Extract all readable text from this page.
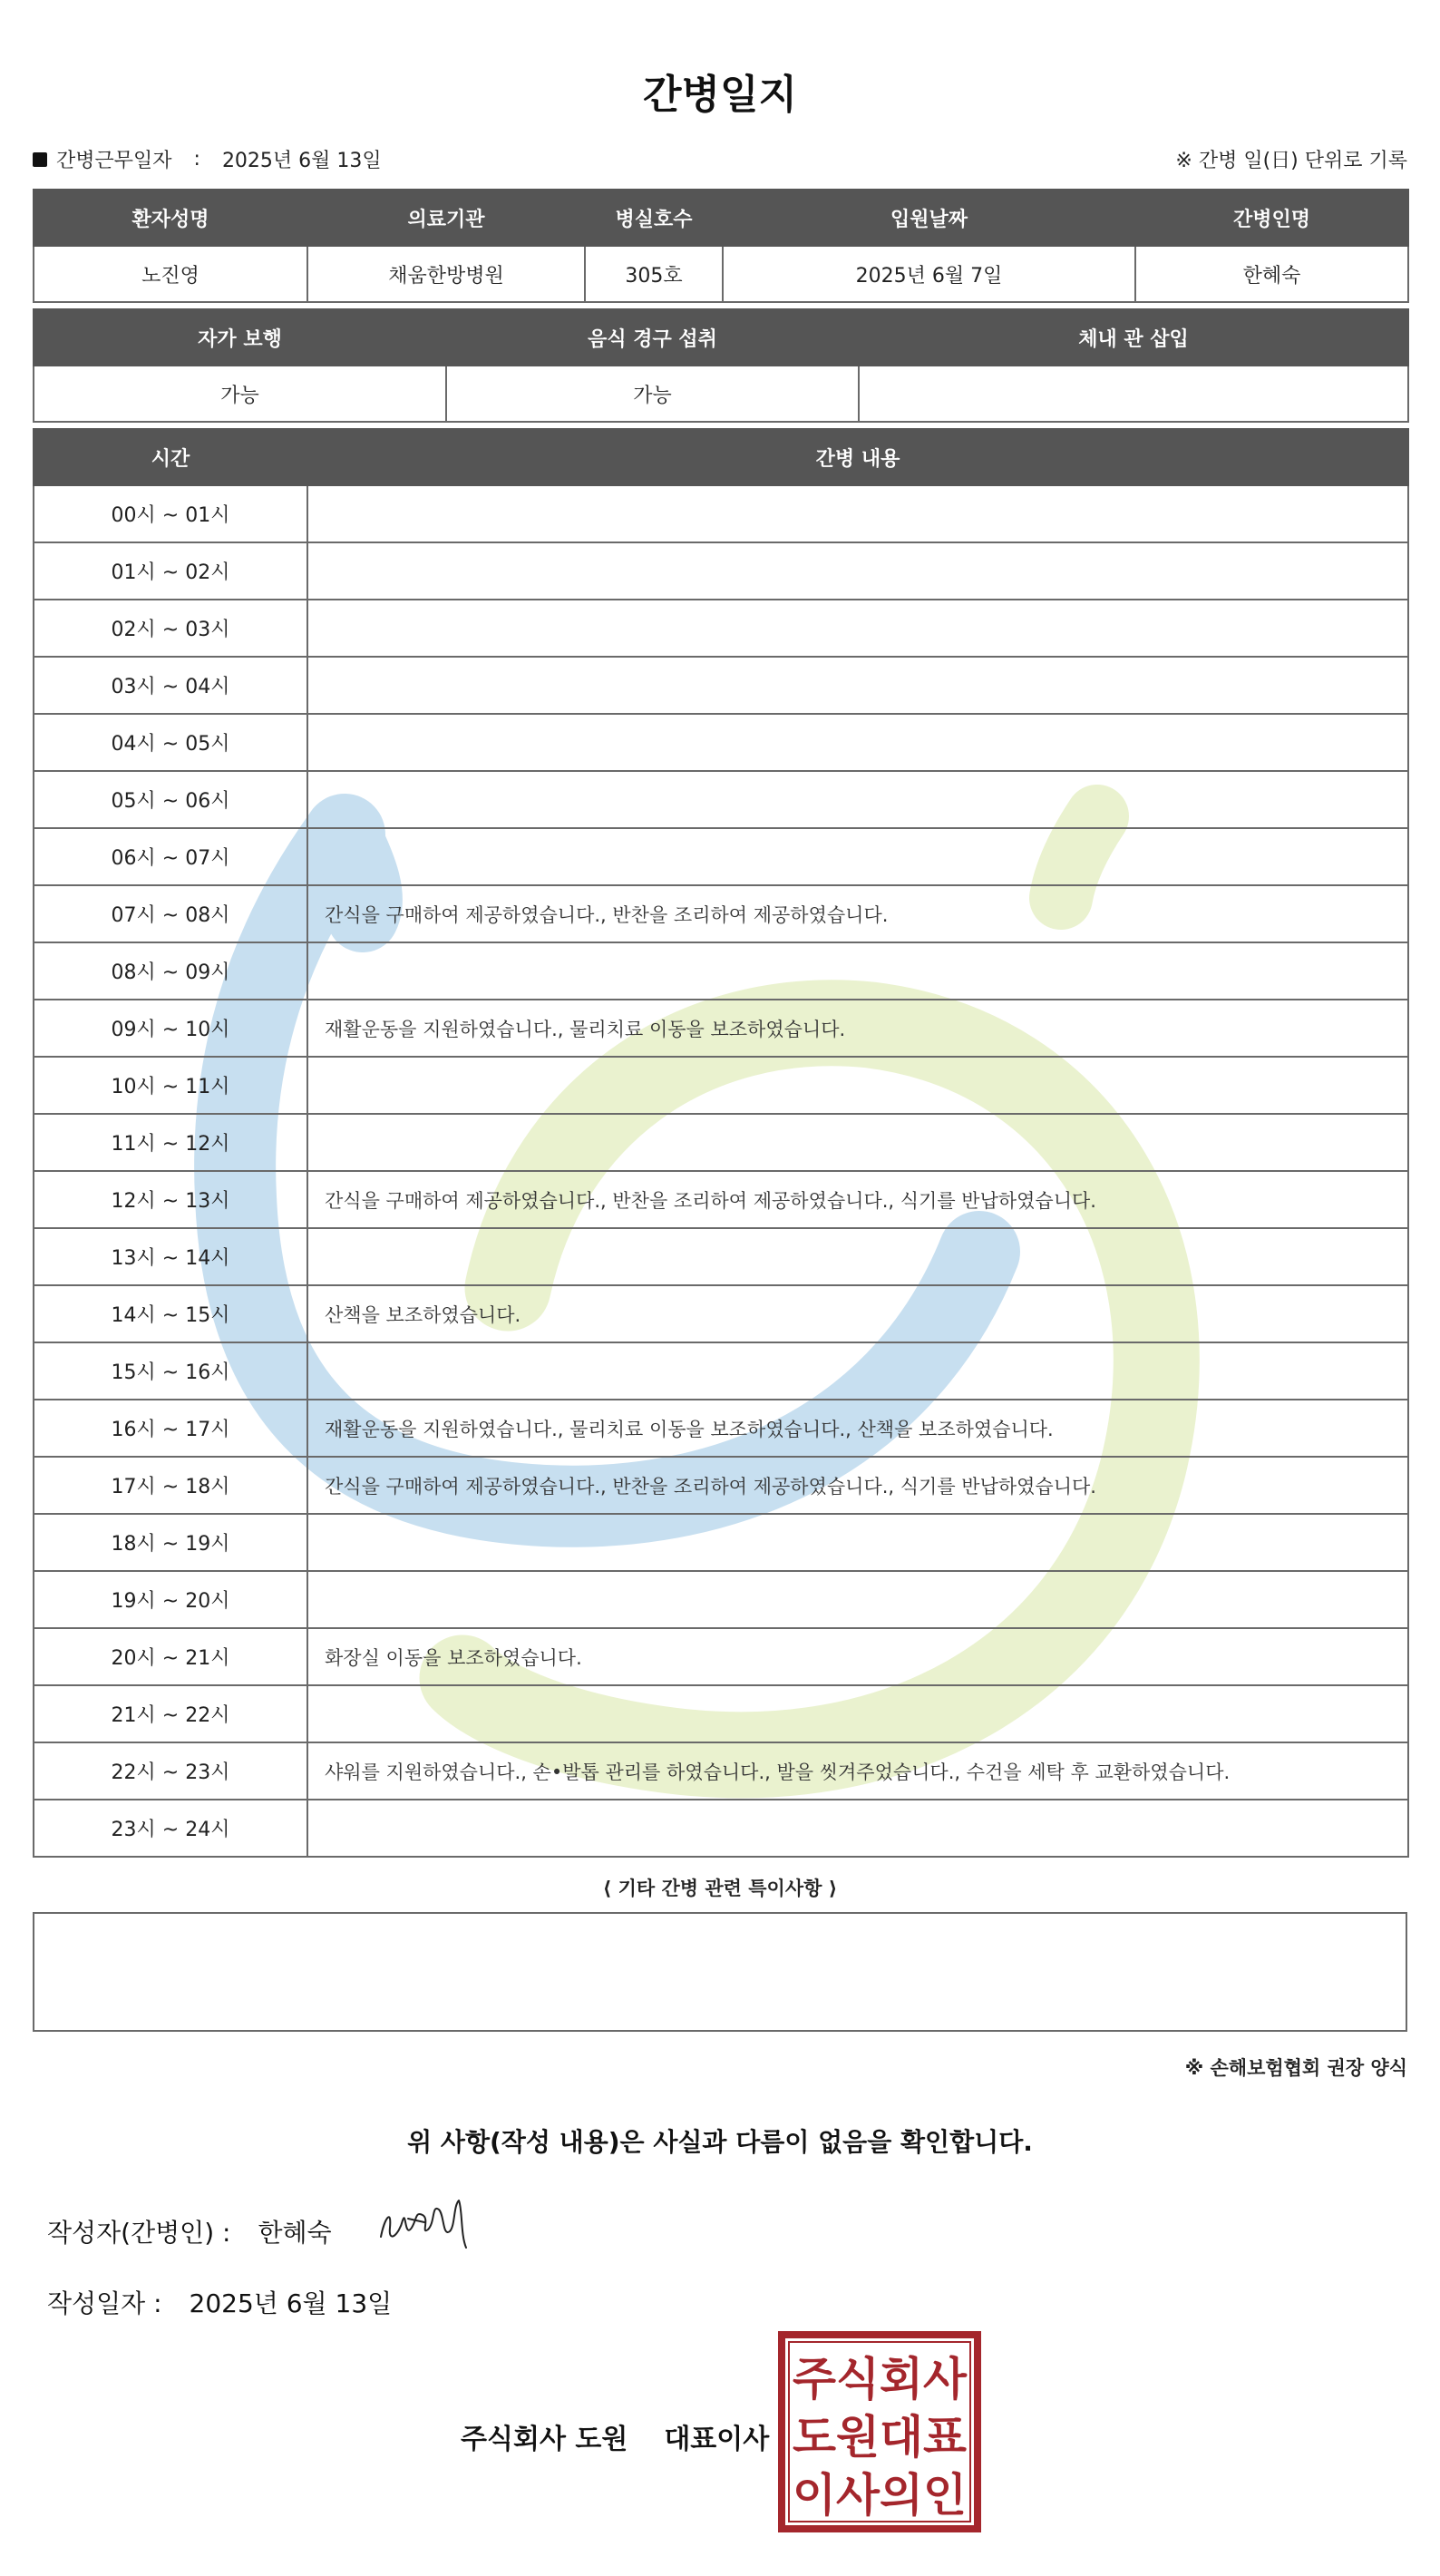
간병일지
간병근무일자 : 2025년 6월 13일	※ 간병 일(日) 단위로 기록
환자성명	의료기관	병실호수	입원날짜	간병인명
노진영	채움한방병원	305호	2025년 6월 7일	한혜숙
자가 보행	음식 경구 섭취	체내 관 삽입
가능	가능	
시간	간병 내용
00시 ~ 01시	
01시 ~ 02시	
02시 ~ 03시	
03시 ~ 04시	
04시 ~ 05시	
05시 ~ 06시	
06시 ~ 07시	
07시 ~ 08시	간식을 구매하여 제공하였습니다., 반찬을 조리하여 제공하였습니다.
08시 ~ 09시	
09시 ~ 10시	재활운동을 지원하였습니다., 물리치료 이동을 보조하였습니다.
10시 ~ 11시	
11시 ~ 12시	
12시 ~ 13시	간식을 구매하여 제공하였습니다., 반찬을 조리하여 제공하였습니다., 식기를 반납하였습니다.
13시 ~ 14시	
14시 ~ 15시	산책을 보조하였습니다.
15시 ~ 16시	
16시 ~ 17시	재활운동을 지원하였습니다., 물리치료 이동을 보조하였습니다., 산책을 보조하였습니다.
17시 ~ 18시	간식을 구매하여 제공하였습니다., 반찬을 조리하여 제공하였습니다., 식기를 반납하였습니다.
18시 ~ 19시	
19시 ~ 20시	
20시 ~ 21시	화장실 이동을 보조하였습니다.
21시 ~ 22시	
22시 ~ 23시	샤워를 지원하였습니다., 손•발톱 관리를 하였습니다., 발을 씻겨주었습니다., 수건을 세탁 후 교환하였습니다.
23시 ~ 24시	
⟨ 기타 간병 관련 특이사항 ⟩
※ 손해보험협회 권장 양식
위 사항(작성 내용)은 사실과 다름이 없음을 확인합니다.
작성자(간병인) : 한혜숙
작성일자 : 2025년 6월 13일
주식회사 도원 대표이사
주식회사
도원대표
이사의인
